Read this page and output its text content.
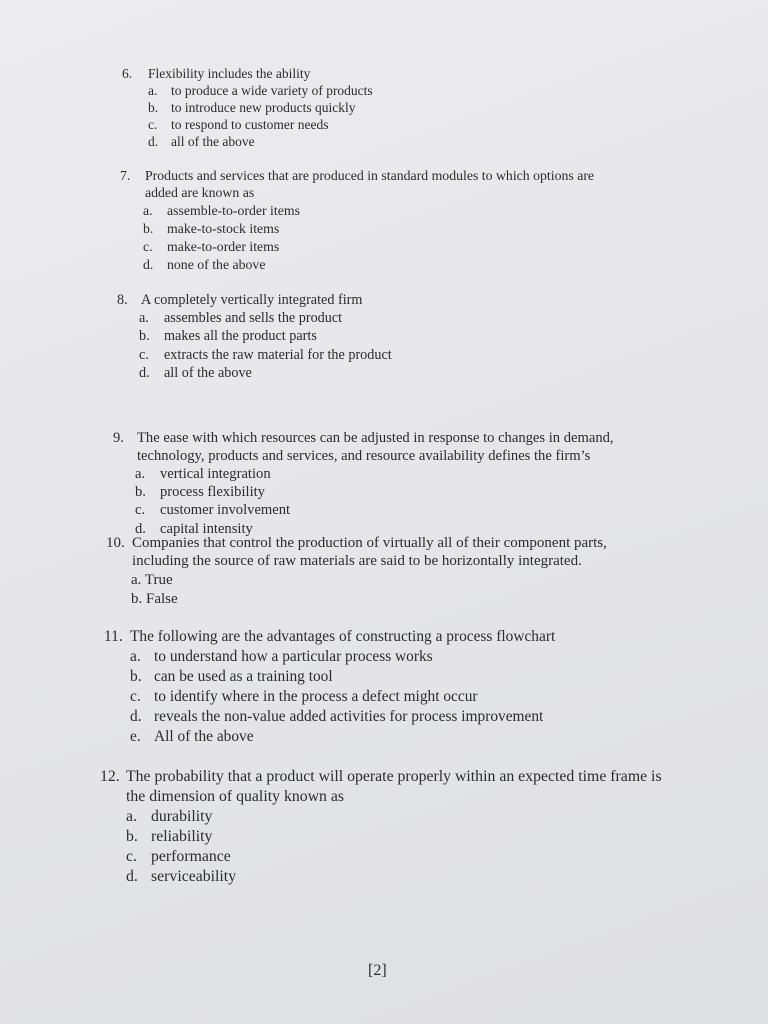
6. Flexibility includes the ability
a. to produce a wide variety of products
b. to introduce new products quickly
c. to respond to customer needs
d. all of the above
7. Products and services that are produced in standard modules to which options are
added are known as
a. assemble-to-order items
b. make-to-stock items
c. make-to-order items
d. none of the above
8. A completely vertically integrated firm
a. assembles and sells the product
b. makes all the product parts
c. extracts the raw material for the product
d. all of the above
9. The ease with which resources can be adjusted in response to changes in demand,
technology, products and services, and resource availability defines the firm’s
a. vertical integration
b. process flexibility
c. customer involvement
d. capital intensity
10. Companies that control the production of virtually all of their component parts,
including the source of raw materials are said to be horizontally integrated.
a. True
b. False
11. The following are the advantages of constructing a process flowchart
a. to understand how a particular process works
b. can be used as a training tool
c. to identify where in the process a defect might occur
d. reveals the non-value added activities for process improvement
e. All of the above
12. The probability that a product will operate properly within an expected time frame is
the dimension of quality known as
a. durability
b. reliability
c. performance
d. serviceability
[2]
